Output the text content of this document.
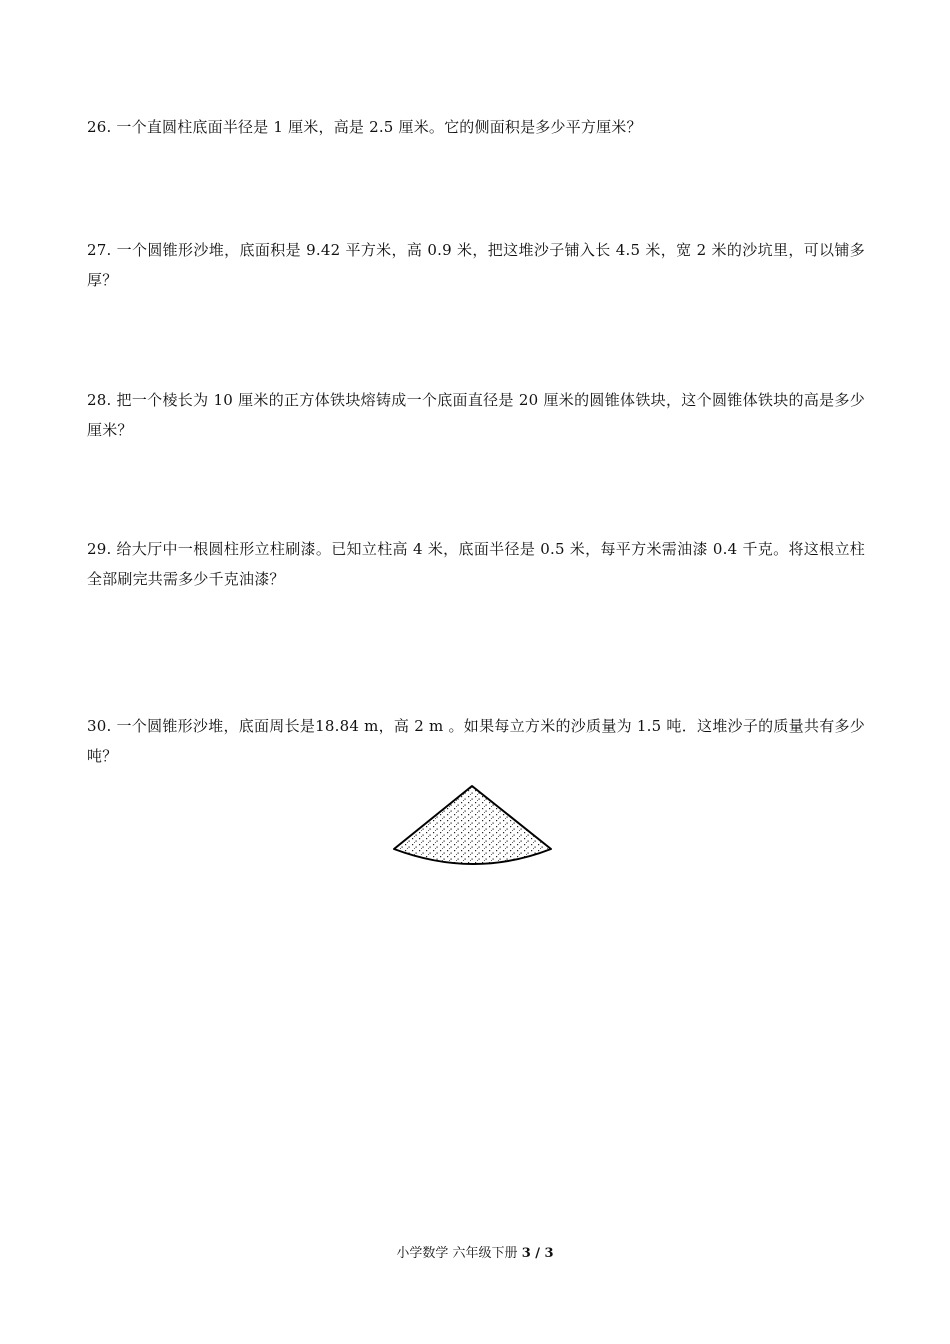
26. 一个直圆柱底面半径是 1 厘米，高是 2.5 厘米。它的侧面积是多少平方厘米？

27. 一个圆锥形沙堆，底面积是 9.42 平方米，高 0.9 米，把这堆沙子铺入长 4.5 米，宽 2 米的沙坑里，可以铺多厚？

28. 把一个棱长为 10 厘米的正方体铁块熔铸成一个底面直径是 20 厘米的圆锥体铁块，这个圆锥体铁块的高是多少厘米？

29. 给大厅中一根圆柱形立柱刷漆。已知立柱高 4 米，底面半径是 0.5 米，每平方米需油漆 0.4 千克。将这根立柱全部刷完共需多少千克油漆？

30. 一个圆锥形沙堆，底面周长是18.84 m，高 2 m 。如果每立方米的沙质量为 1.5 吨．这堆沙子的质量共有多少吨？

小学数学 六年级下册 3 / 3
